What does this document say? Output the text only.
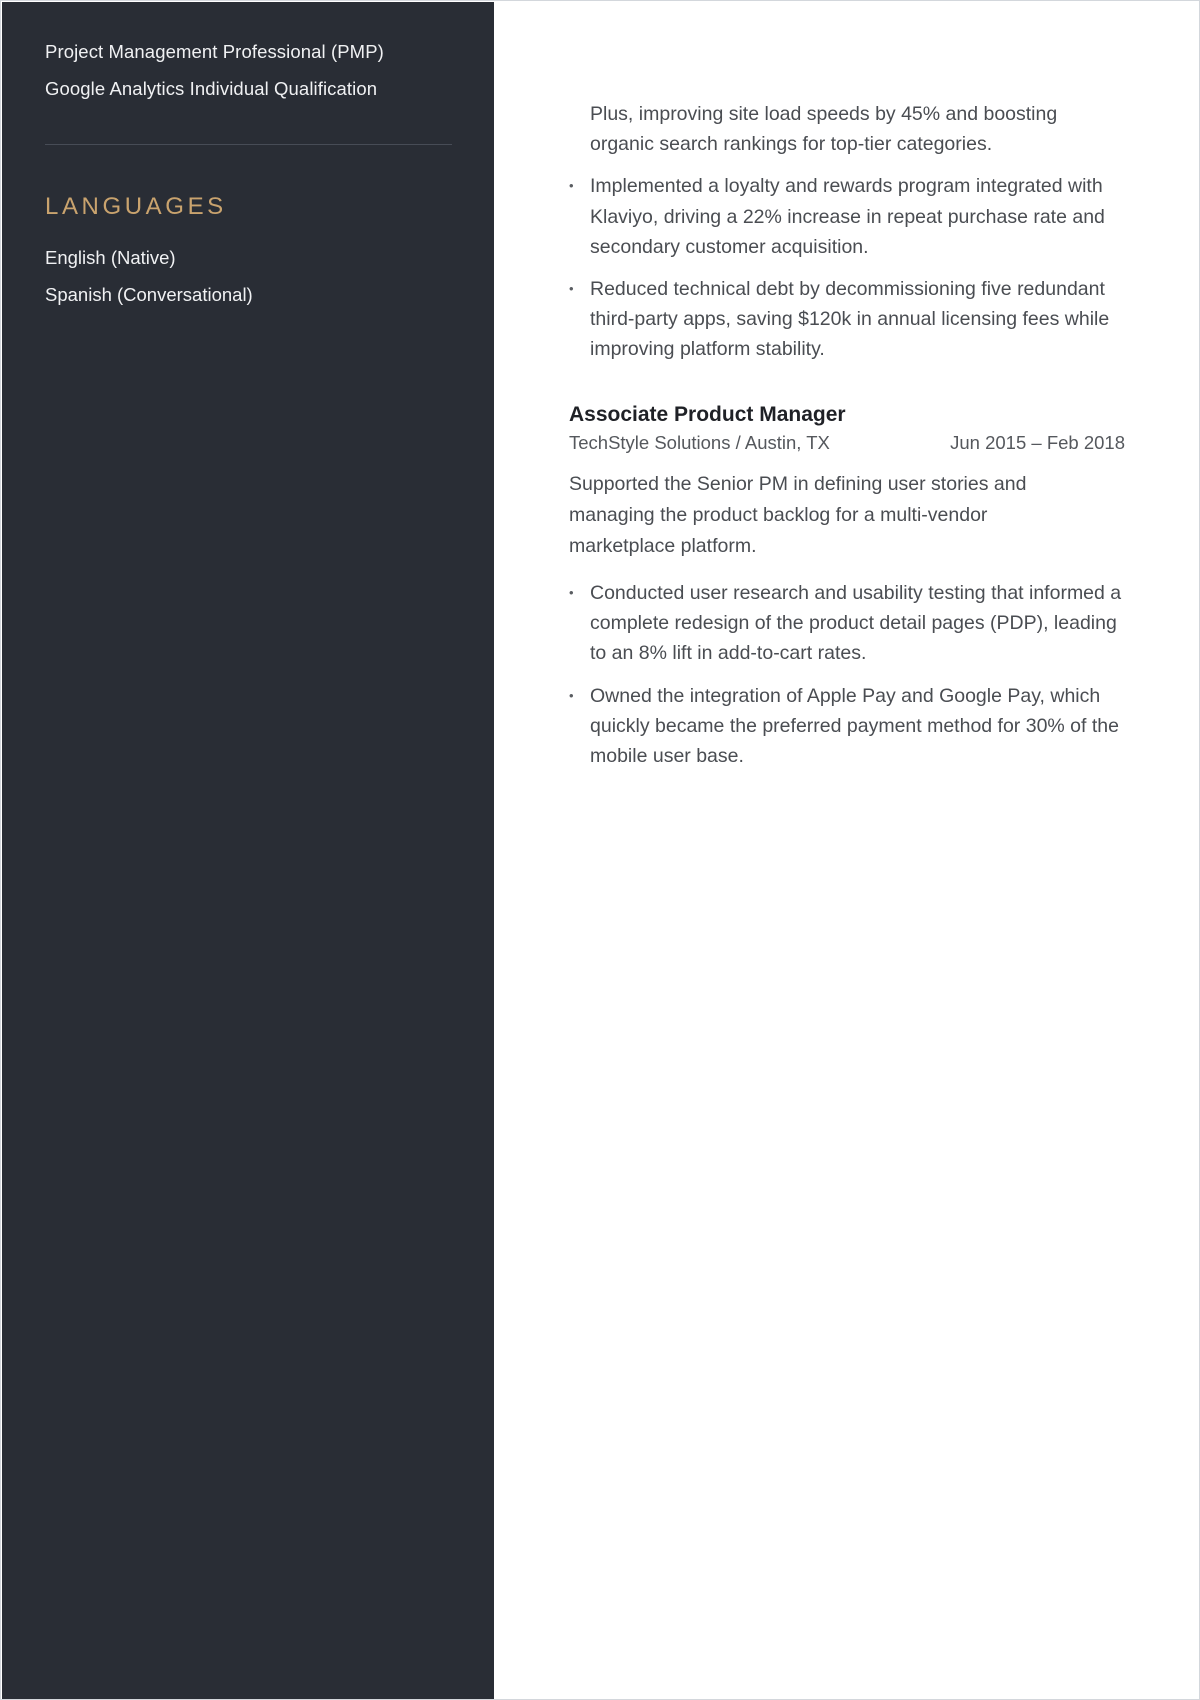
Project Management Professional (PMP)
Google Analytics Individual Qualification
LANGUAGES
English (Native)
Spanish (Conversational)
Plus, improving site load speeds by 45% and boosting organic search rankings for top-tier categories.
• Implemented a loyalty and rewards program integrated with Klaviyo, driving a 22% increase in repeat purchase rate and secondary customer acquisition.
• Reduced technical debt by decommissioning five redundant third-party apps, saving $120k in annual licensing fees while improving platform stability.
Associate Product Manager
TechStyle Solutions / Austin, TX	Jun 2015 – Feb 2018

Supported the Senior PM in defining user stories and managing the product backlog for a multi-vendor marketplace platform.

• Conducted user research and usability testing that informed a complete redesign of the product detail pages (PDP), leading to an 8% lift in add-to-cart rates.
• Owned the integration of Apple Pay and Google Pay, which quickly became the preferred payment method for 30% of the mobile user base.
